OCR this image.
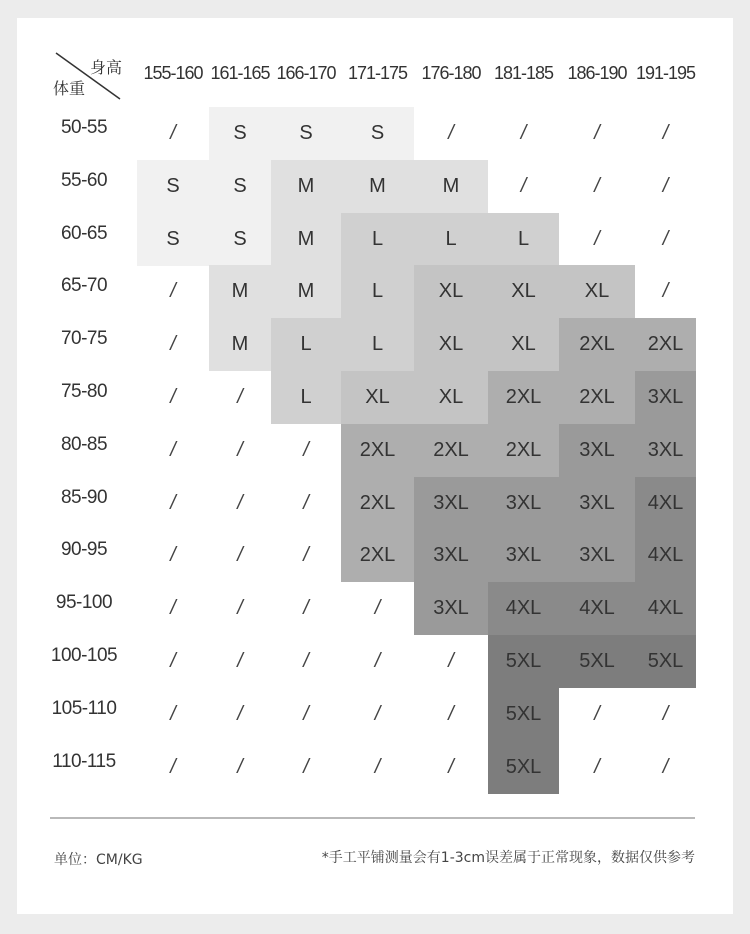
身高
体重
155-160 161-165 166-170 171-175 176-180 181-185 186-190 191-195
50-55	/	S	S	S	/	/	/	/
55-60	S	S	M	M	M	/	/	/
60-65	S	S	M	L	L	L	/	/
65-70	/	M	M	L	XL	XL	XL	/
70-75	/	M	L	L	XL	XL	2XL	2XL
75-80	/	/	L	XL	XL	2XL	2XL	3XL
80-85	/	/	/	2XL	2XL	2XL	3XL	3XL
85-90	/	/	/	2XL	3XL	3XL	3XL	4XL
90-95	/	/	/	2XL	3XL	3XL	3XL	4XL
95-100	/	/	/	/	3XL	4XL	4XL	4XL
100-105	/	/	/	/	/	5XL	5XL	5XL
105-110	/	/	/	/	/	5XL	/	/
110-115	/	/	/	/	/	5XL	/	/
单位：CM/KG	*手工平铺测量会有1-3cm误差属于正常现象，数据仅供参考
